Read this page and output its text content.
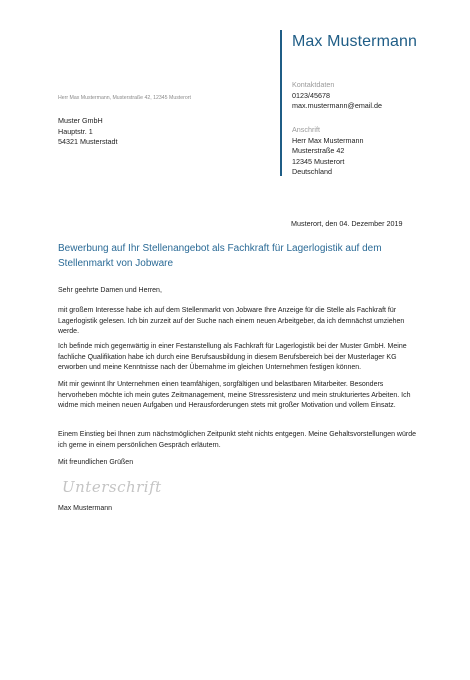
Max Mustermann
Kontaktdaten
0123/45678
max.mustermann@email.de
Anschrift
Herr Max Mustermann
Musterstraße 42
12345 Musterort
Deutschland
Herr Max Mustermann, Musterstraße 42, 12345 Musterort
Muster GmbH
Hauptstr. 1
54321 Musterstadt
Musterort, den 04. Dezember 2019
Bewerbung auf Ihr Stellenangebot als Fachkraft für Lagerlogistik auf dem Stellenmarkt von Jobware
Sehr geehrte Damen und Herren,
mit großem Interesse habe ich auf dem Stellenmarkt von Jobware Ihre Anzeige für die Stelle als Fachkraft für Lagerlogistik gelesen. Ich bin zurzeit auf der Suche nach einem neuen Arbeitgeber, da ich demnächst umziehen werde.
Ich befinde mich gegenwärtig in einer Festanstellung als Fachkraft für Lagerlogistik bei der Muster GmbH. Meine fachliche Qualifikation habe ich durch eine Berufsausbildung in diesem Berufsbereich bei der Musterlager KG erworben und meine Kenntnisse nach der Übernahme im gleichen Unternehmen festigen können.
Mit mir gewinnt Ihr Unternehmen einen teamfähigen, sorgfältigen und belastbaren Mitarbeiter. Besonders hervorheben möchte ich mein gutes Zeitmanagement, meine Stressresistenz und mein strukturiertes Arbeiten. Ich widme mich meinen neuen Aufgaben und Herausforderungen stets mit großer Motivation und vollem Einsatz.
Einem Einstieg bei Ihnen zum nächstmöglichen Zeitpunkt steht nichts entgegen. Meine Gehaltsvorstellungen würde ich gerne in einem persönlichen Gespräch erläutern.
Mit freundlichen Grüßen
Unterschrift
Max Mustermann
